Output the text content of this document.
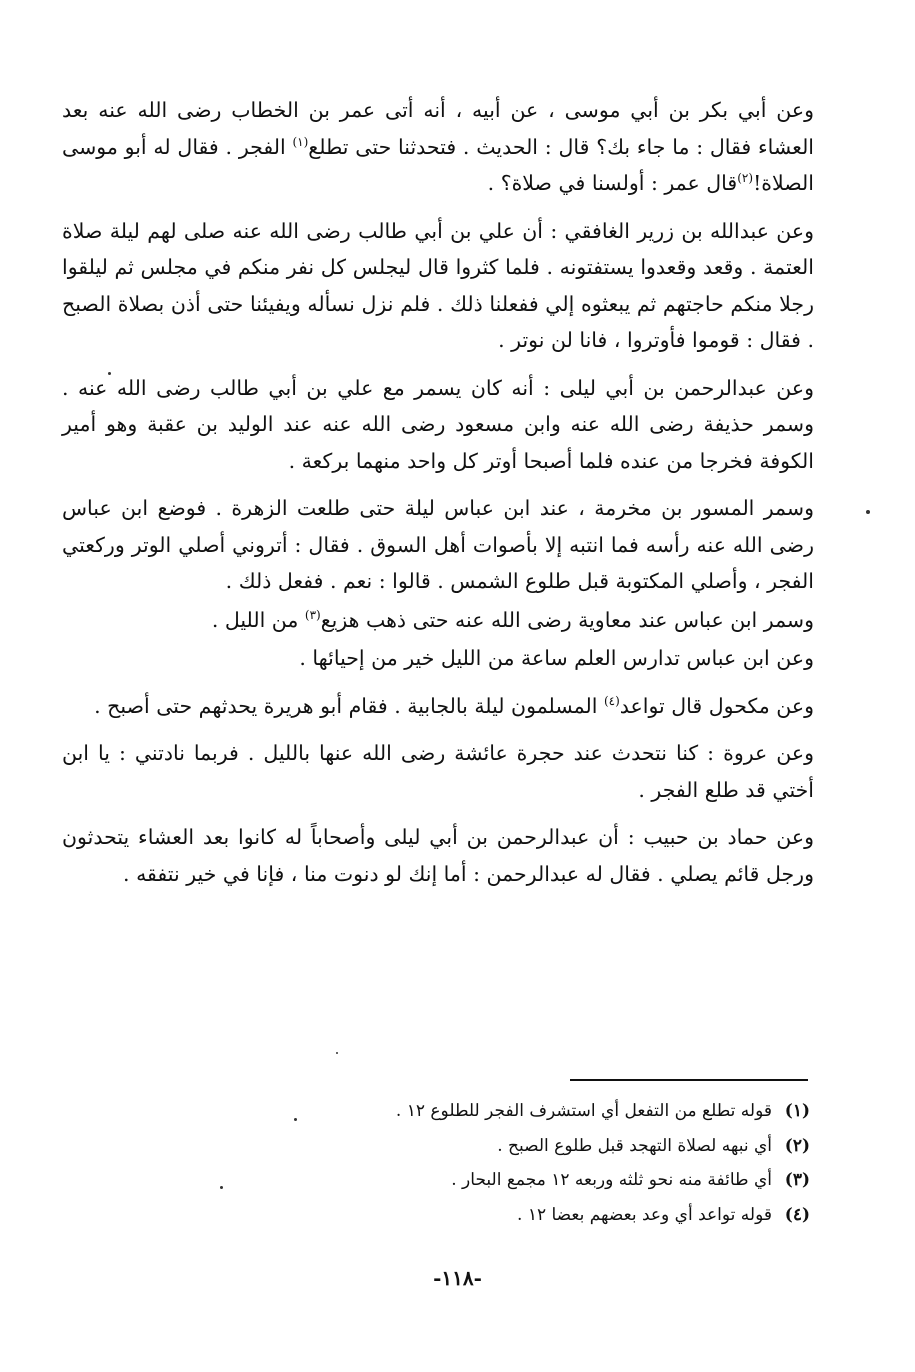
وعن أبي بكر بن أبي موسى ، عن أبيه ، أنه أتى عمر بن الخطاب رضى الله عنه بعد العشاء فقال : ما جاء بك؟ قال : الحديث . فتحدثنا حتى تطلع$^{(١)}$ الفجر . فقال له أبو موسى الصلاة!$^{(٢)}$قال عمر : أولسنا في صلاة؟ .

وعن عبدالله بن زرير الغافقي : أن علي بن أبي طالب رضى الله عنه صلى لهم ليلة صلاة العتمة . وقعد وقعدوا يستفتونه . فلما كثروا قال ليجلس كل نفر منكم في مجلس ثم ليلقوا رجلا منكم حاجتهم ثم يبعثوه إلي ففعلنا ذلك . فلم نزل نسأله ويفيئنا حتى أذن بصلاة الصبح . فقال : قوموا فأوتروا ، فانا لن نوتر .

وعن عبدالرحمن بن أبي ليلى : أنه كان يسمر مع علي بن أبي طالب رضى الله عنه . وسمر حذيفة رضى الله عنه وابن مسعود رضى الله عنه عند الوليد بن عقبة وهو أمير الكوفة فخرجا من عنده فلما أصبحا أوتر كل واحد منهما بركعة .

وسمر المسور بن مخرمة ، عند ابن عباس ليلة حتى طلعت الزهرة . فوضع ابن عباس رضى الله عنه رأسه فما انتبه إلا بأصوات أهل السوق . فقال : أتروني أصلي الوتر وركعتي الفجر ، وأصلي المكتوبة قبل طلوع الشمس . قالوا : نعم . ففعل ذلك .

وسمر ابن عباس عند معاوية رضى الله عنه حتى ذهب هزيع$^{(٣)}$ من الليل .

وعن ابن عباس تدارس العلم ساعة من الليل خير من إحيائها .

وعن مكحول قال تواعد$^{(٤)}$ المسلمون ليلة بالجابية . فقام أبو هريرة يحدثهم حتى أصبح .

وعن عروة : كنا نتحدث عند حجرة عائشة رضى الله عنها بالليل . فربما نادتني : يا ابن أختي قد طلع الفجر .

وعن حماد بن حبيب : أن عبدالرحمن بن أبي ليلى وأصحاباً له كانوا بعد العشاء يتحدثون ورجل قائم يصلي . فقال له عبدالرحمن : أما إنك لو دنوت منا ، فإنا في خير نتفقه .

(١)قوله تطلع من التفعل أي استشرف الفجر للطلوع ١٢ .
(٢)أي نبهه لصلاة التهجد قبل طلوع الصبح .
(٣)أي طائفة منه نحو ثلثه وربعه ١٢ مجمع البحار .
(٤)قوله تواعد أي وعد بعضهم بعضا ١٢ .
-١١٨-
